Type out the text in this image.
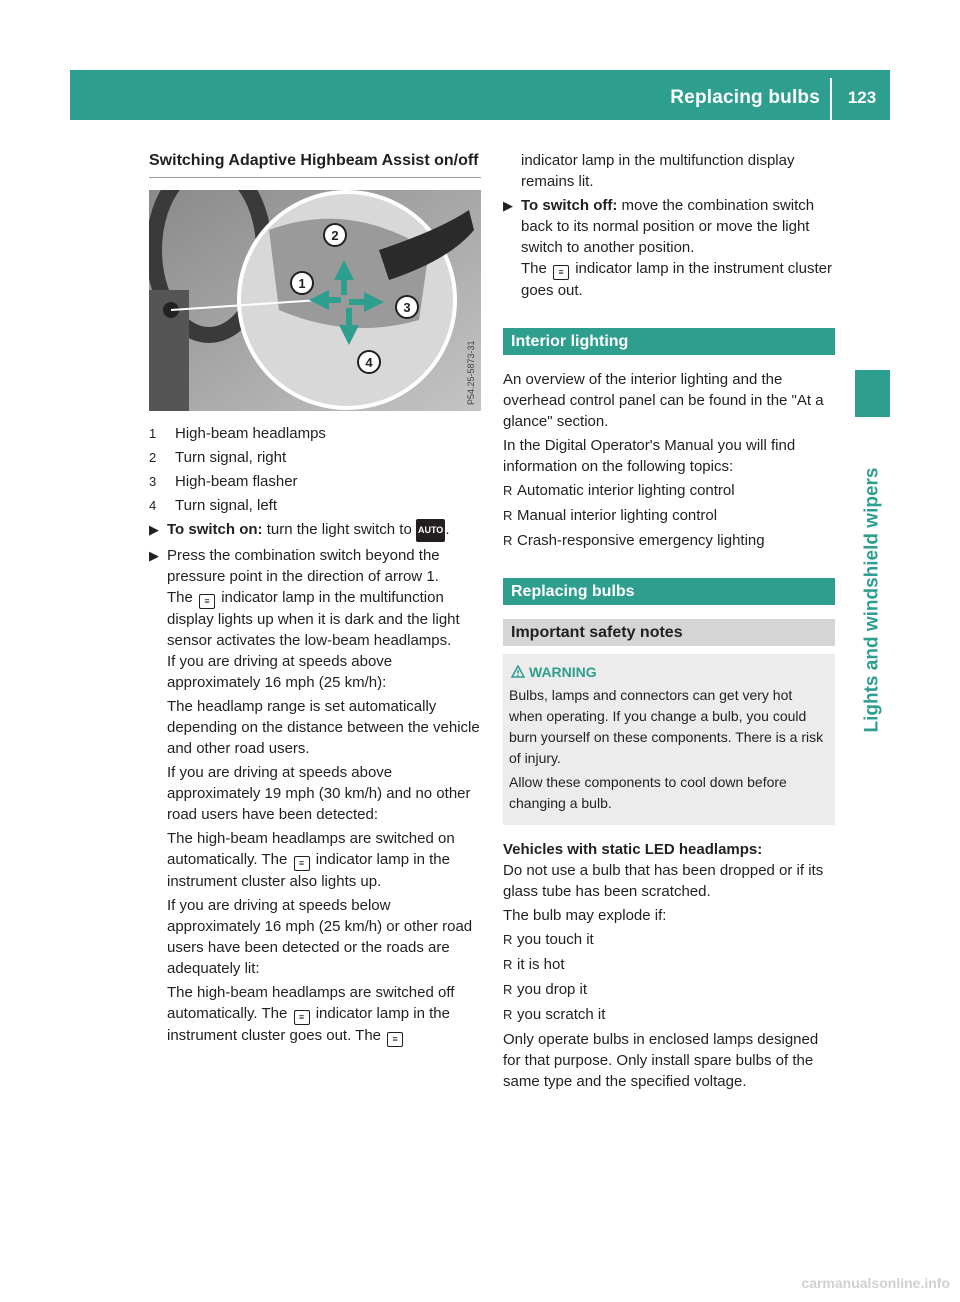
Replacing bulbs	123
Lights and windshield wipers
Switching Adaptive Highbeam Assist on/off
1
2
3
4	P54.25-5873-31
1	High-beam headlamps
2	Turn signal, right
3	High-beam flasher
4	Turn signal, left
▶ To switch on: turn the light switch to AUTO .
▶ Press the combination switch beyond the pressure point in the direction of arrow 1.
The ≡ indicator lamp in the multifunction display lights up when it is dark and the light sensor activates the low-beam headlamps.

If you are driving at speeds above approximately 16 mph (25 km/h):

The headlamp range is set automatically depending on the distance between the vehicle and other road users.

If you are driving at speeds above approximately 19 mph (30 km/h) and no other road users have been detected:

The high-beam headlamps are switched on automatically. The ≡ indicator lamp in the instrument cluster also lights up.

If you are driving at speeds below approximately 16 mph (25 km/h) or other road users have been detected or the roads are adequately lit:

The high-beam headlamps are switched off automatically. The ≡ indicator lamp in the instrument cluster goes out. The ≡

indicator lamp in the multifunction display remains lit.

▶ To switch off: move the combination switch back to its normal position or move the light switch to another position.
The ≡ indicator lamp in the instrument cluster goes out.
Interior lighting

An overview of the interior lighting and the overhead control panel can be found in the "At a glance" section.

In the Digital Operator's Manual you will find information on the following topics:

R Automatic interior lighting control
R Manual interior lighting control
R Crash-responsive emergency lighting
Replacing bulbs
Important safety notes
WARNING

Bulbs, lamps and connectors can get very hot when operating. If you change a bulb, you could burn yourself on these components. There is a risk of injury.

Allow these components to cool down before changing a bulb.

Vehicles with static LED headlamps:

Do not use a bulb that has been dropped or if its glass tube has been scratched.

The bulb may explode if:

R you touch it
R it is hot
R you drop it
R you scratch it

Only operate bulbs in enclosed lamps designed for that purpose. Only install spare bulbs of the same type and the specified voltage.

carmanualsonline.info
